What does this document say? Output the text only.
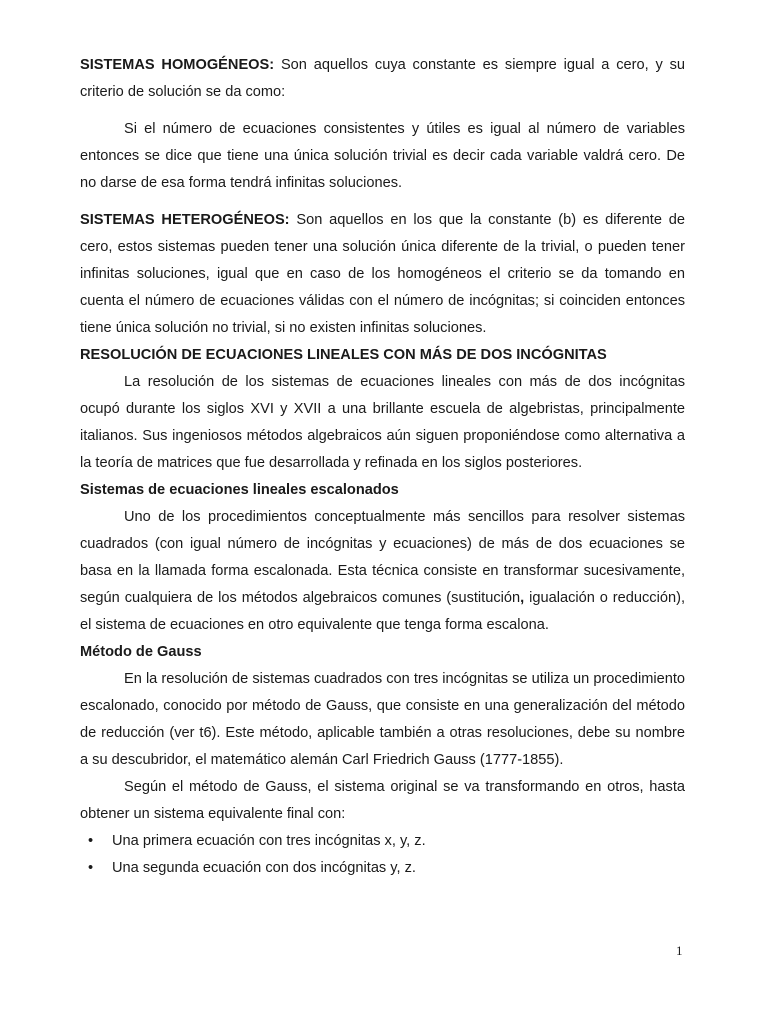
SISTEMAS HOMOGÉNEOS: Son aquellos cuya constante es siempre igual a cero, y su criterio de solución se da como:

Si el número de ecuaciones consistentes y útiles es igual al número de variables entonces se dice que tiene una única solución trivial es decir cada variable valdrá cero. De no darse de esa forma tendrá infinitas soluciones.

SISTEMAS HETEROGÉNEOS: Son aquellos en los que la constante (b) es diferente de cero, estos sistemas pueden tener una solución única diferente de la trivial, o pueden tener infinitas soluciones, igual que en caso de los homogéneos el criterio se da tomando en cuenta el número de ecuaciones válidas con el número de incógnitas; si coinciden entonces tiene única solución no trivial, si no existen infinitas soluciones.

RESOLUCIÓN DE ECUACIONES LINEALES CON MÁS DE DOS INCÓGNITAS

La resolución de los sistemas de ecuaciones lineales con más de dos incógnitas ocupó durante los siglos XVI y XVII a una brillante escuela de algebristas, principalmente italianos. Sus ingeniosos métodos algebraicos aún siguen proponiéndose como alternativa a la teoría de matrices que fue desarrollada y refinada en los siglos posteriores.

Sistemas de ecuaciones lineales escalonados

Uno de los procedimientos conceptualmente más sencillos para resolver sistemas cuadrados (con igual número de incógnitas y ecuaciones) de más de dos ecuaciones se basa en la llamada forma escalonada. Esta técnica consiste en transformar sucesivamente, según cualquiera de los métodos algebraicos comunes (sustitución, igualación o reducción), el sistema de ecuaciones en otro equivalente que tenga forma escalona.

Método de Gauss

En la resolución de sistemas cuadrados con tres incógnitas se utiliza un procedimiento escalonado, conocido por método de Gauss, que consiste en una generalización del método de reducción (ver t6). Este método, aplicable también a otras resoluciones, debe su nombre a su descubridor, el matemático alemán Carl Friedrich Gauss (1777-1855).

Según el método de Gauss, el sistema original se va transformando en otros, hasta obtener un sistema equivalente final con:

• Una primera ecuación con tres incógnitas x, y, z.
• Una segunda ecuación con dos incógnitas y, z.
1
